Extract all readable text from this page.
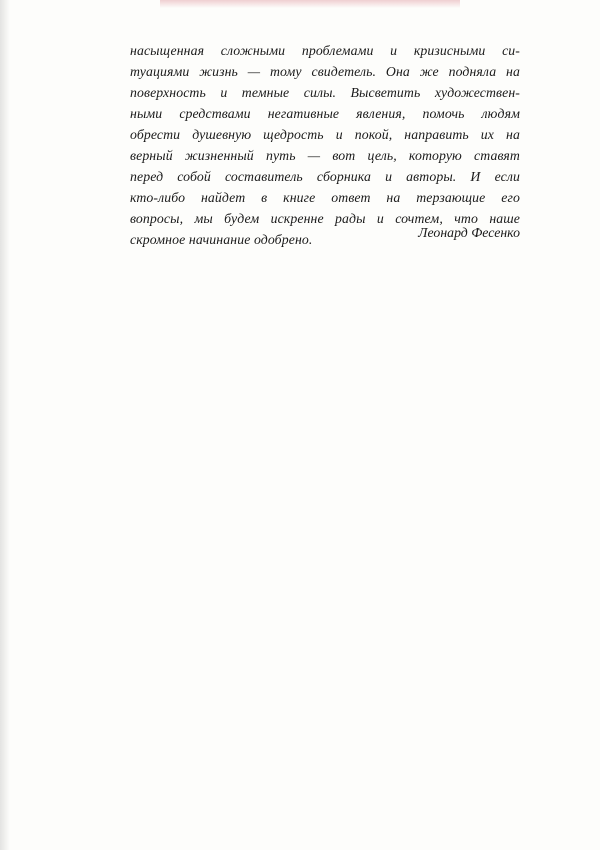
насыщенная сложными проблемами и кризисными си-
туациями жизнь — тому свидетель. Она же подняла на
поверхность и темные силы. Высветить художествен-
ными средствами негативные явления, помочь людям
обрести душевную щедрость и покой, направить их на
верный жизненный путь — вот цель, которую ставят
перед собой составитель сборника и авторы. И если
кто-либо найдет в книге ответ на терзающие его
вопросы, мы будем искренне рады и сочтем, что наше
скромное начинание одобрено.	Леонард Фесенко
